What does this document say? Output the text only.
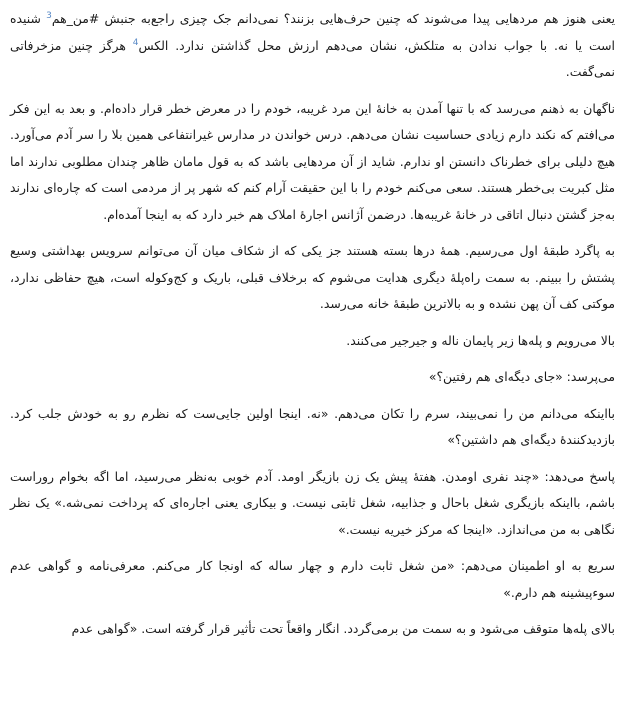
یعنی هنوز هم مردهایی پیدا می‌شوند که چنین حرف‌هایی بزنند؟ نمی‌دانم جک چیزی راجع‌به جنبش #من_هم$^3$ شنیده است یا نه. با جواب ندادن به متلکش، نشان می‌دهم ارزش محل گذاشتن ندارد. الکس$^4$ هرگز چنین مزخرفاتی نمی‌گفت.

ناگهان به ذهنم می‌رسد که با تنها آمدن به خانهٔ این مرد غریبه، خودم را در معرض خطر قرار داده‌ام. و بعد به این فکر می‌افتم که نکند دارم زیادی حساسیت نشان می‌دهم. درس خواندن در مدارس غیرانتفاعی همین بلا را سر آدم می‌آورد. هیچ دلیلی برای خطرناک دانستن او ندارم. شاید از آن مردهایی باشد که به قول مامان ظاهر چندان مطلوبی ندارند اما مثل کبریت بی‌خطر هستند. سعی می‌کنم خودم را با این حقیقت آرام کنم که شهر پر از مردمی است که چاره‌ای ندارند به‌جز گشتن دنبال اتاقی در خانهٔ غریبه‌ها. درضمن آژانس اجارهٔ املاک هم خبر دارد که به اینجا آمده‌ام.

به پاگرد طبقهٔ اول می‌رسیم. همهٔ درها بسته هستند جز یکی که از شکاف میان آن می‌توانم سرویس بهداشتی وسیع پشتش را ببینم. به سمت راه‌پلهٔ دیگری هدایت می‌شوم که برخلاف قبلی، باریک و کج‌وکوله است، هیچ حفاظی ندارد، موکتی کف آن پهن نشده و به بالاترین طبقهٔ خانه می‌رسد.

بالا می‌رویم و پله‌ها زیر پایمان ناله و جیرجیر می‌کنند.

می‌پرسد: «جای دیگه‌ای هم رفتین؟»

بااینکه می‌دانم من را نمی‌بیند، سرم را تکان می‌دهم. «نه. اینجا اولین جایی‌ست که نظرم رو به خودش جلب کرد. بازدیدکنندهٔ دیگه‌ای هم داشتین؟»

پاسخ می‌دهد: «چند نفری اومدن. هفتهٔ پیش یک زن بازیگر اومد. آدم خوبی به‌نظر می‌رسید، اما اگه بخوام روراست باشم، بااینکه بازیگری شغل باحال و جذابیه، شغل ثابتی نیست. و بیکاری یعنی اجاره‌ای که پرداخت نمی‌شه.» یک نظر نگاهی به من می‌اندازد. «اینجا که مرکز خیریه نیست.»

سریع به او اطمینان می‌دهم: «من شغل ثابت دارم و چهار ساله که اونجا کار می‌کنم. معرفی‌نامه و گواهی عدم سوءپیشینه هم دارم.»

بالای پله‌ها متوقف می‌شود و به سمت من برمی‌گردد. انگار واقعاً تحت تأثیر قرار گرفته است. «گواهی عدم
